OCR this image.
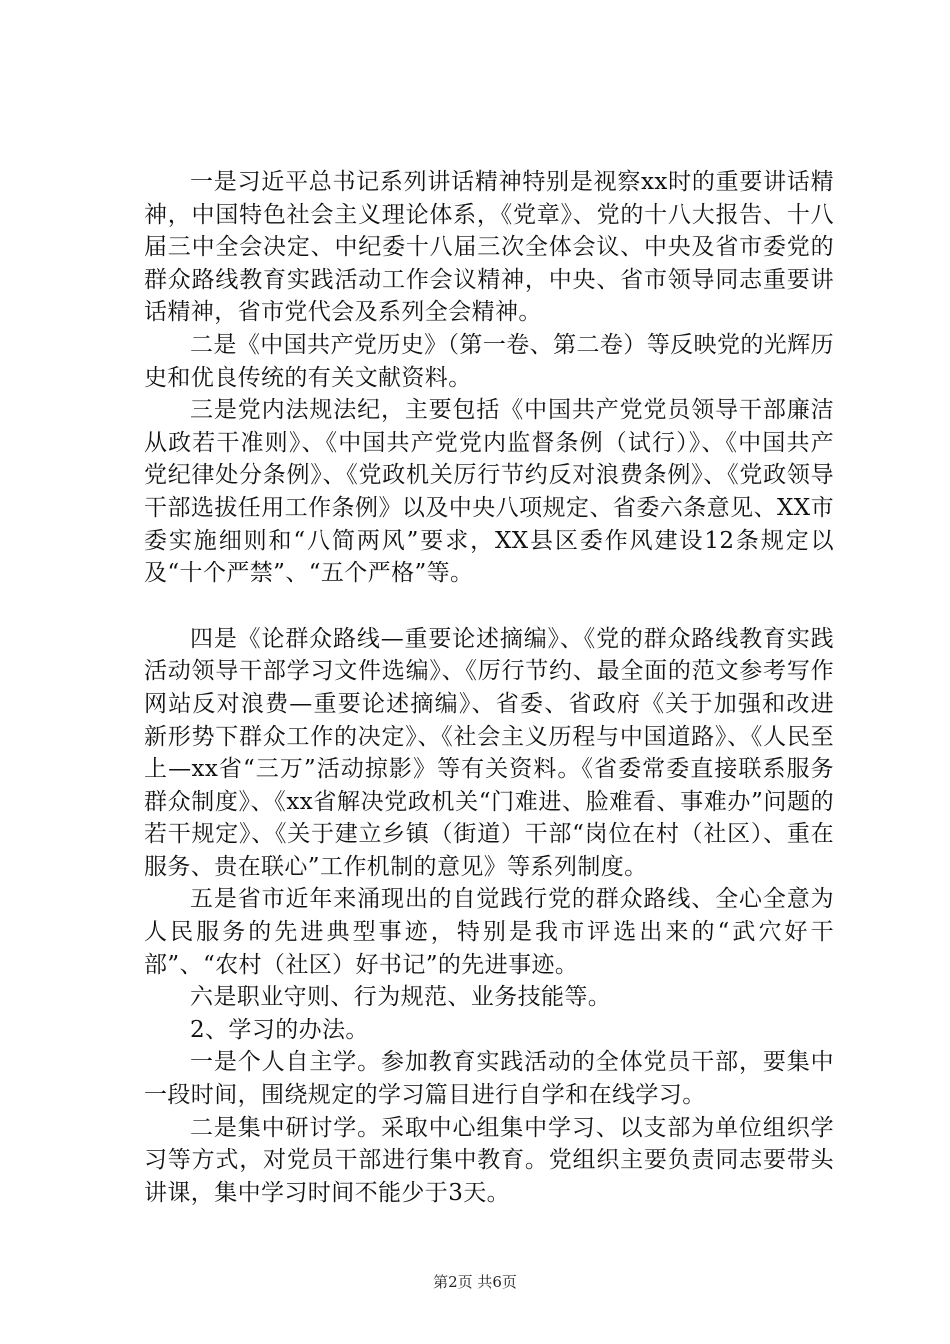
一是习近平总书记系列讲话精神特别是视察xx时的重要讲话精神，中国特色社会主义理论体系，《党章》、党的十八大报告、十八届三中全会决定、中纪委十八届三次全体会议、中央及省市委党的群众路线教育实践活动工作会议精神，中央、省市领导同志重要讲话精神，省市党代会及系列全会精神。

二是《中国共产党历史》（第一卷、第二卷）等反映党的光辉历史和优良传统的有关文献资料。

三是党内法规法纪，主要包括《中国共产党党员领导干部廉洁从政若干准则》、《中国共产党党内监督条例（试行）》、《中国共产党纪律处分条例》、《党政机关厉行节约反对浪费条例》、《党政领导干部选拔任用工作条例》以及中央八项规定、省委六条意见、XX市委实施细则和“八简两风”要求，XX县区委作风建设12条规定以及“十个严禁”、“五个严格”等。

四是《论群众路线—重要论述摘编》、《党的群众路线教育实践活动领导干部学习文件选编》、《厉行节约、最全面的范文参考写作网站反对浪费—重要论述摘编》、省委、省政府《关于加强和改进新形势下群众工作的决定》、《社会主义历程与中国道路》、《人民至上—xx省“三万”活动掠影》等有关资料。《省委常委直接联系服务群众制度》、《xx省解决党政机关“门难进、脸难看、事难办”问题的若干规定》、《关于建立乡镇（街道）干部“岗位在村（社区）、重在服务、贵在联心”工作机制的意见》等系列制度。

五是省市近年来涌现出的自觉践行党的群众路线、全心全意为人民服务的先进典型事迹，特别是我市评选出来的“武穴好干部”、“农村（社区）好书记”的先进事迹。

六是职业守则、行为规范、业务技能等。

2、学习的办法。

一是个人自主学。参加教育实践活动的全体党员干部，要集中一段时间，围绕规定的学习篇目进行自学和在线学习。

二是集中研讨学。采取中心组集中学习、以支部为单位组织学习等方式，对党员干部进行集中教育。党组织主要负责同志要带头讲课，集中学习时间不能少于3天。

第2页 共6页
